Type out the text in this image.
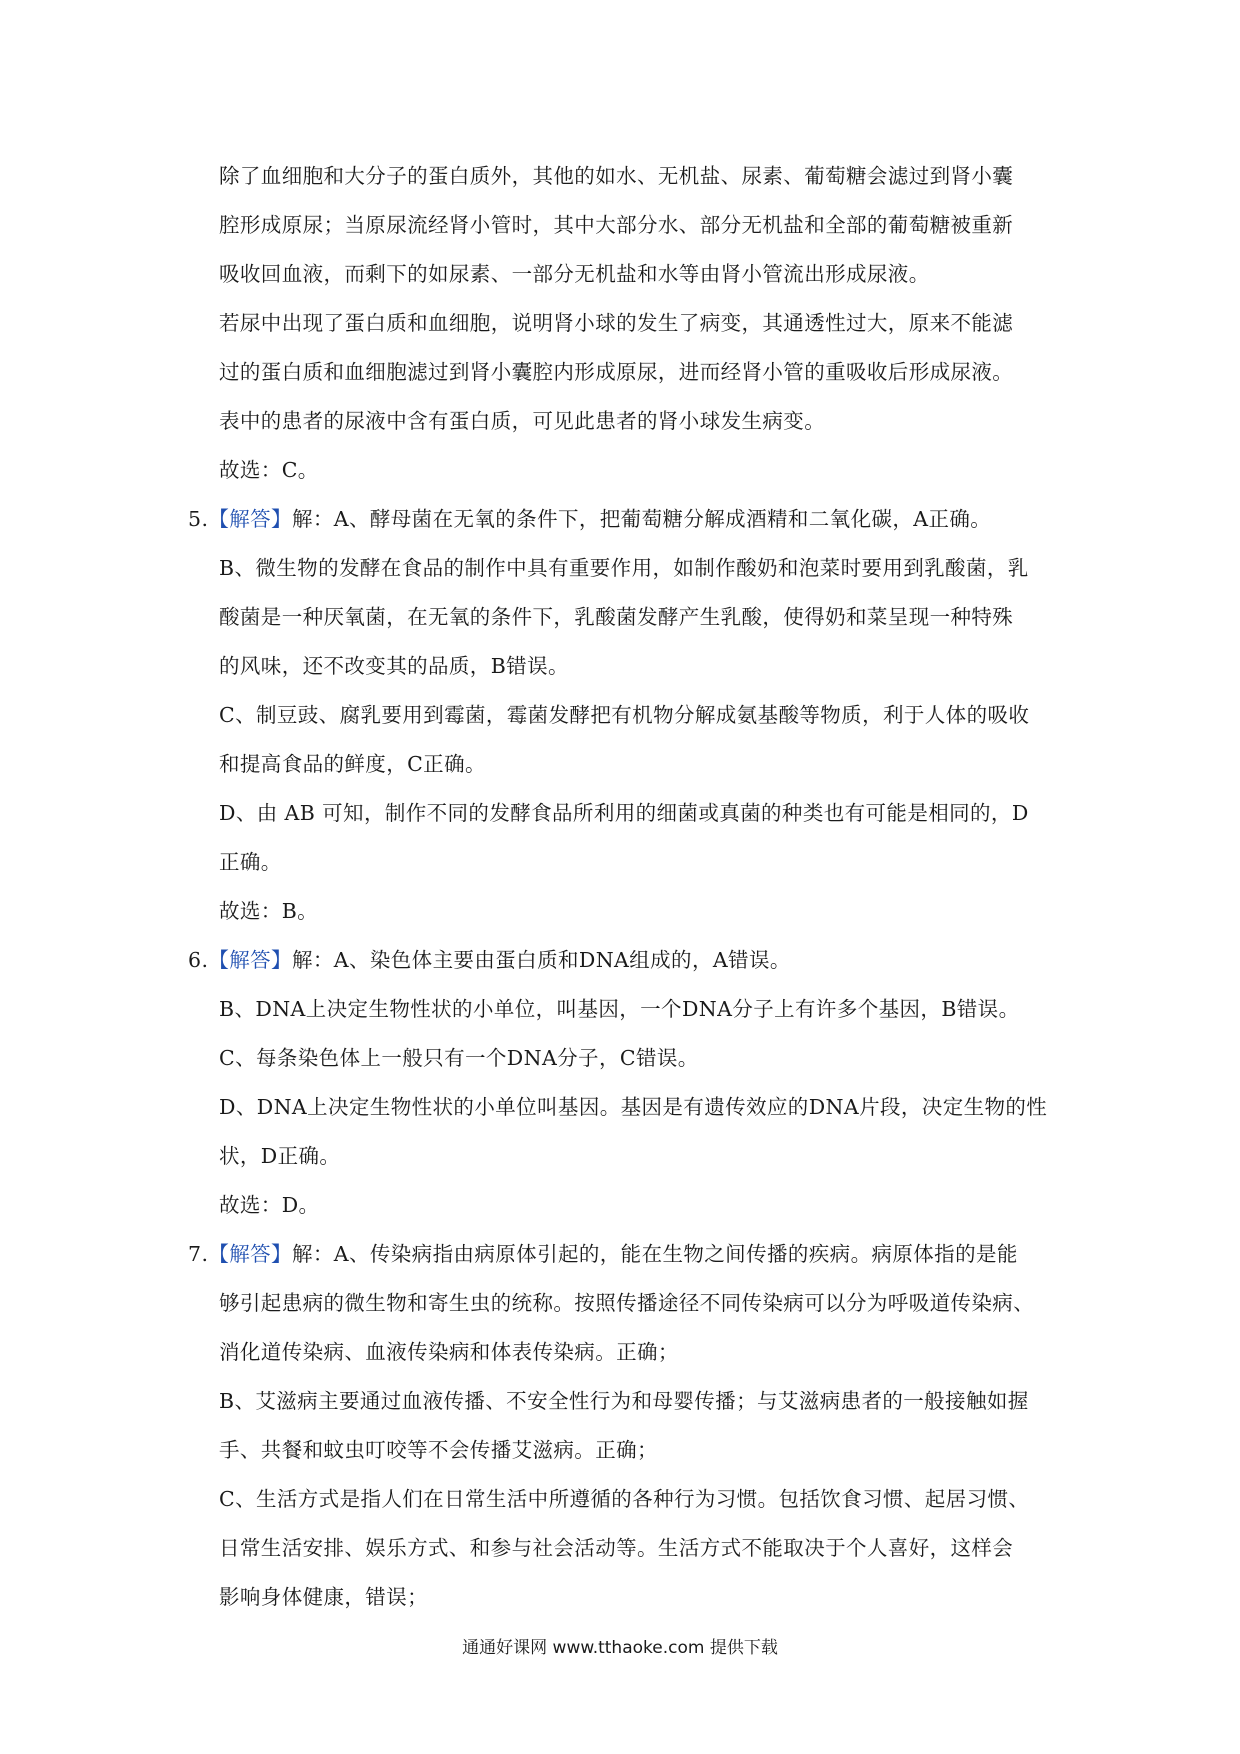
除了血细胞和大分子的蛋白质外，其他的如水、无机盐、尿素、葡萄糖会滤过到肾小囊
腔形成原尿；当原尿流经肾小管时，其中大部分水、部分无机盐和全部的葡萄糖被重新
吸收回血液，而剩下的如尿素、一部分无机盐和水等由肾小管流出形成尿液。
若尿中出现了蛋白质和血细胞，说明肾小球的发生了病变，其通透性过大，原来不能滤
过的蛋白质和血细胞滤过到肾小囊腔内形成原尿，进而经肾小管的重吸收后形成尿液。
表中的患者的尿液中含有蛋白质，可见此患者的肾小球发生病变。
故选：C。
5.【解答】解：A、酵母菌在无氧的条件下，把葡萄糖分解成酒精和二氧化碳，A正确。
B、微生物的发酵在食品的制作中具有重要作用，如制作酸奶和泡菜时要用到乳酸菌，乳
酸菌是一种厌氧菌，在无氧的条件下，乳酸菌发酵产生乳酸，使得奶和菜呈现一种特殊
的风味，还不改变其的品质，B错误。
C、制豆豉、腐乳要用到霉菌，霉菌发酵把有机物分解成氨基酸等物质，利于人体的吸收
和提高食品的鲜度，C正确。
D、由 AB 可知，制作不同的发酵食品所利用的细菌或真菌的种类也有可能是相同的，D
正确。
故选：B。
6.【解答】解：A、染色体主要由蛋白质和DNA组成的，A错误。
B、DNA上决定生物性状的小单位，叫基因，一个DNA分子上有许多个基因，B错误。
C、每条染色体上一般只有一个DNA分子，C错误。
D、DNA上决定生物性状的小单位叫基因。基因是有遗传效应的DNA片段，决定生物的性
状，D正确。
故选：D。
7.【解答】解：A、传染病指由病原体引起的，能在生物之间传播的疾病。病原体指的是能
够引起患病的微生物和寄生虫的统称。按照传播途径不同传染病可以分为呼吸道传染病、
消化道传染病、血液传染病和体表传染病。正确；
B、艾滋病主要通过血液传播、不安全性行为和母婴传播；与艾滋病患者的一般接触如握
手、共餐和蚊虫叮咬等不会传播艾滋病。正确；
C、生活方式是指人们在日常生活中所遵循的各种行为习惯。包括饮食习惯、起居习惯、
日常生活安排、娱乐方式、和参与社会活动等。生活方式不能取决于个人喜好，这样会
影响身体健康，错误；
通通好课网 www.tthaoke.com 提供下载
